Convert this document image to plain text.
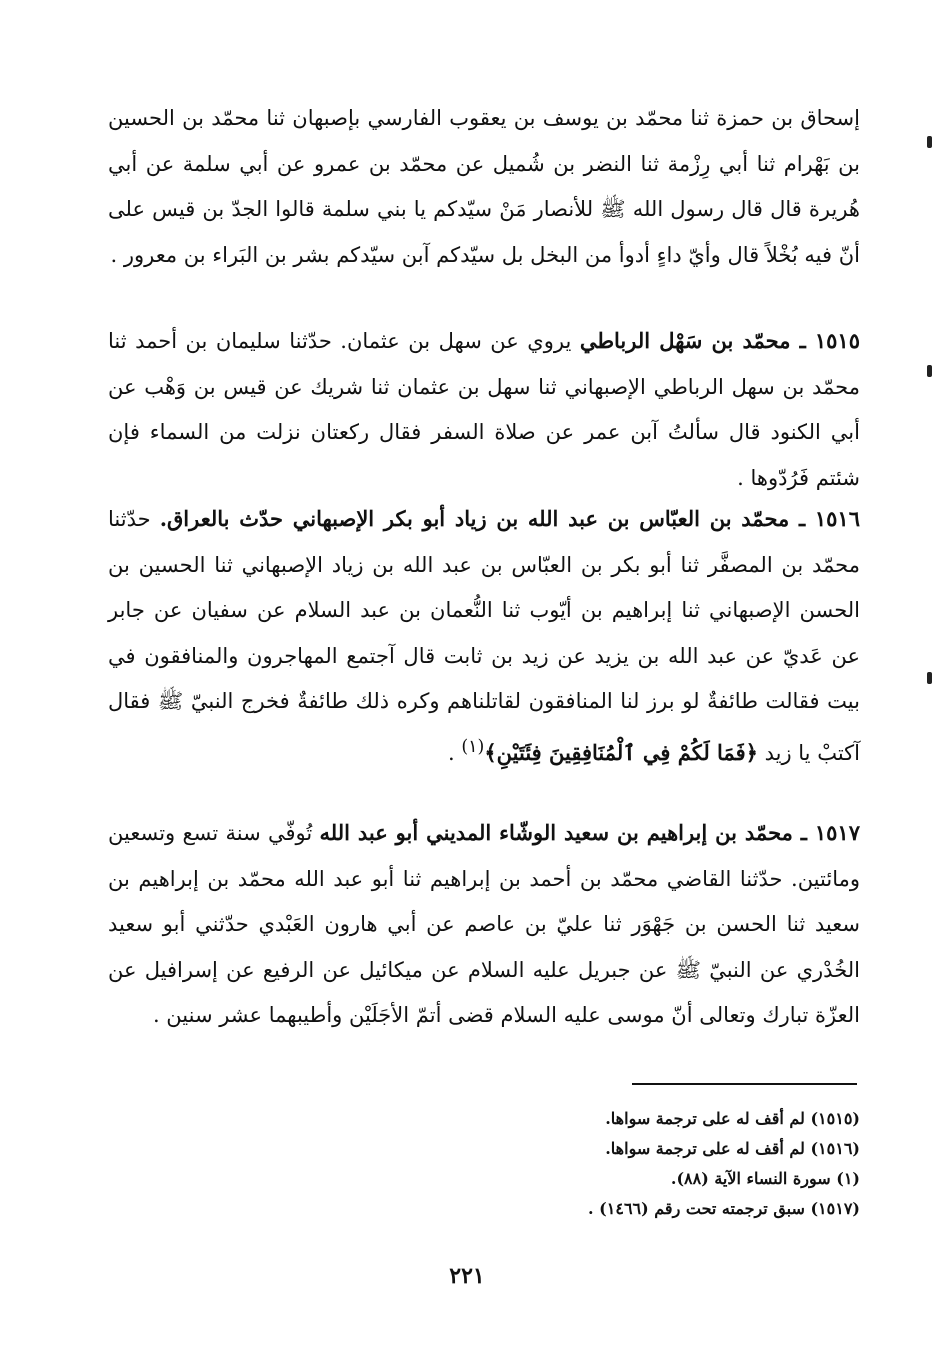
إسحاق بن حمزة ثنا محمّد بن يوسف بن يعقوب الفارسي بإصبهان ثنا محمّد بن الحسين بن بَهْرام ثنا أبي رِزْمة ثنا النضر بن شُميل عن محمّد بن عمرو عن أبي سلمة عن أبي هُريرة قال قال رسول الله ﷺ للأنصار مَنْ سيّدكم يا بني سلمة قالوا الجدّ بن قيس على أنّ فيه بُخْلاً قال وأيّ داءٍ أدوأ من البخل بل سيّدكم آبن سيّدكم بشر بن البَراء بن معرور .

١٥١٥ ـ محمّد بن سَهْل الرباطي يروي عن سهل بن عثمان. حدّثنا سليمان بن أحمد ثنا محمّد بن سهل الرباطي الإصبهاني ثنا سهل بن عثمان ثنا شريك عن قيس بن وَهْب عن أبي الكنود قال سألتُ آبن عمر عن صلاة السفر فقال ركعتان نزلت من السماء فإن شئتم فَرُدّوها .

١٥١٦ ـ محمّد بن العبّاس بن عبد الله بن زياد أبو بكر الإصبهاني حدّث بالعراق. حدّثنا محمّد بن المصفَّر ثنا أبو بكر بن العبّاس بن عبد الله بن زياد الإصبهاني ثنا الحسين بن الحسن الإصبهاني ثنا إبراهيم بن أيّوب ثنا النُّعمان بن عبد السلام عن سفيان عن جابر عن عَديّ عن عبد الله بن يزيد عن زيد بن ثابت قال آجتمع المهاجرون والمنافقون في بيت فقالت طائفةٌ لو برز لنا المنافقون لقاتلناهم وكره ذلك طائفةٌ فخرج النبيّ ﷺ فقال آكتبْ يا زيد ﴿فَمَا لَكُمْ فِي ٱلْمُنَافِقِينَ فِئَتَيْنِ﴾$^{(١)}$ .

١٥١٧ ـ محمّد بن إبراهيم بن سعيد الوشّاء المديني أبو عبد الله تُوفّي سنة تسع وتسعين ومائتين. حدّثنا القاضي محمّد بن أحمد بن إبراهيم ثنا أبو عبد الله محمّد بن إبراهيم بن سعيد ثنا الحسن بن جَهْوَر ثنا عليّ بن عاصم عن أبي هارون العَبْدي حدّثني أبو سعيد الخُدْري عن النبيّ ﷺ عن جبريل عليه السلام عن ميكائيل عن الرفيع عن إسرافيل عن العزّة تبارك وتعالى أنّ موسى عليه السلام قضى أتمّ الأجَلَيْن وأطيبهما عشر سنين .

(١٥١٥) لم أقف له على ترجمة سواها.

(١٥١٦) لم أقف له على ترجمة سواها.

(١) سورة النساء الآية (٨٨).

(١٥١٧) سبق ترجمته تحت رقم (١٤٦٦) .

٢٢١
